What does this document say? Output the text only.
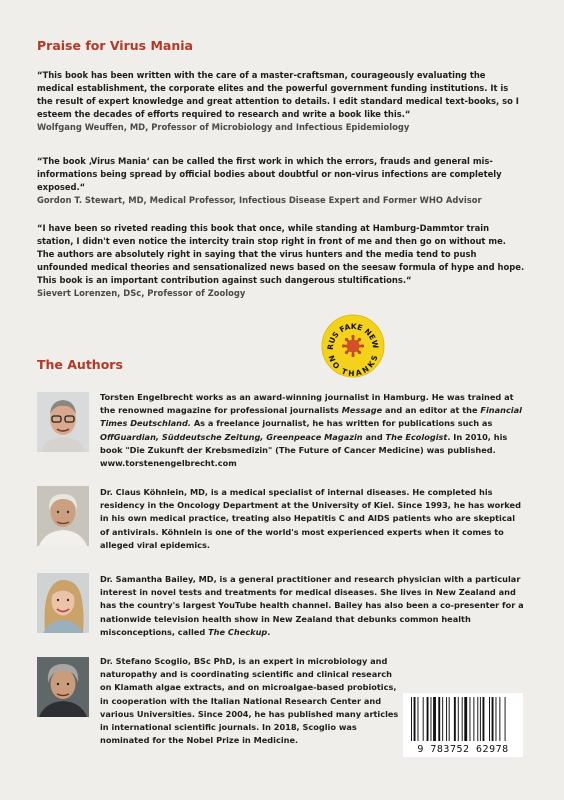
Praise for Virus Mania
“This book has been written with the care of a master-craftsman, courageously evaluating the medical establishment, the corporate elites and the powerful government funding institutions. It is the result of expert knowledge and great attention to details. I edit standard medical text-books, so I esteem the decades of efforts required to research and write a book like this.“
Wolfgang Weuffen, MD, Professor of Microbiology and Infectious Epidemiology
“The book ‚Virus Mania‘ can be called the first work in which the errors, frauds and general mis-informations being spread by official bodies about doubtful or non-virus infections are completely exposed.“
Gordon T. Stewart, MD, Medical Professor, Infectious Disease Expert and Former WHO Advisor
“I have been so riveted reading this book that once, while standing at Hamburg-Dammtor train station, I didn't even notice the intercity train stop right in front of me and then go on without me. The authors are absolutely right in saying that the virus hunters and the media tend to push unfounded medical theories and sensationalized news based on the seesaw formula of hype and hope. This book is an important contribution against such dangerous stultifications.“
Sievert Lorenzen, DSc, Professor of Zoology
RUS FAKE NEW
NO THANKS
The Authors
Torsten Engelbrecht works as an award-winning journalist in Hamburg. He was trained at the renowned magazine for professional journalists Message and an editor at the Financial Times Deutschland. As a freelance journalist, he has written for publications such as OffGuardian, Süddeutsche Zeitung, Greenpeace Magazin and The Ecologist. In 2010, his book "Die Zukunft der Krebsmedizin" (The Future of Cancer Medicine) was published. www.torstenengelbrecht.com
Dr. Claus Köhnlein, MD, is a medical specialist of internal diseases. He completed his residency in the Oncology Department at the University of Kiel. Since 1993, he has worked in his own medical practice, treating also Hepatitis C and AIDS patients who are skeptical of antivirals. Köhnlein is one of the world's most experienced experts when it comes to alleged viral epidemics.
Dr. Samantha Bailey, MD, is a general practitioner and research physician with a particular interest in novel tests and treatments for medical diseases. She lives in New Zealand and has the country's largest YouTube health channel. Bailey has also been a co-presenter for a nationwide television health show in New Zealand that debunks common health misconceptions, called The Checkup.
Dr. Stefano Scoglio, BSc PhD, is an expert in microbiology and naturopathy and is coordinating scientific and clinical research on Klamath algae extracts, and on microalgae-based probiotics, in cooperation with the Italian National Research Center and various Universities. Since 2004, he has published many articles in international scientific journals. In 2018, Scoglio was nominated for the Nobel Prize in Medicine.
9 783752 62978
